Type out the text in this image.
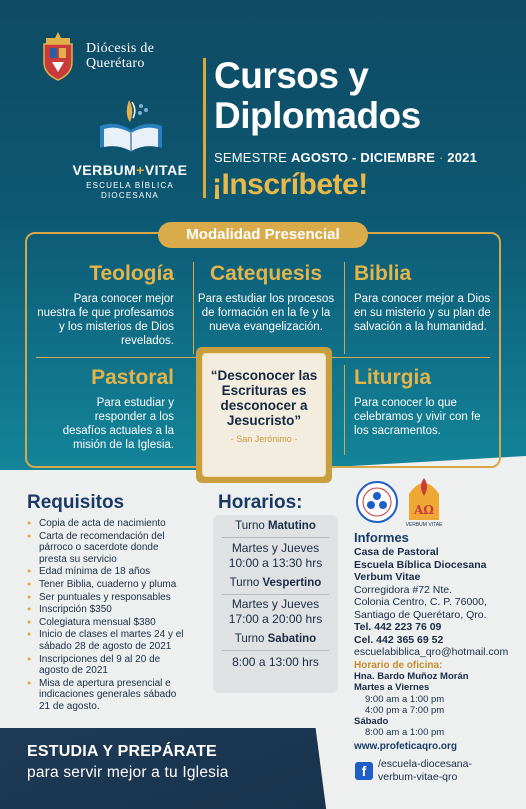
Diócesis de
Querétaro
VERBUM+VITAE
ESCUELA BÍBLICA
DIOCESANA
Cursos y
Diplomados
SEMESTRE AGOSTO - DICIEMBRE · 2021
¡Inscríbete!
Modalidad Presencial
Teología

Para conocer mejor nuestra fe que profesamos y los misterios de Dios revelados.

Catequesis

Para estudiar los procesos de formación en la fe y la nueva evangelización.

Biblia

Para conocer mejor a Dios en su misterio y su plan de salvación a la humanidad.

Pastoral

Para estudiar y responder a los desafíos actuales a la misión de la Iglesia.

Liturgia

Para conocer lo que celebramos y vivir con fe los sacramentos.

“Desconocer las Escrituras es desconocer a Jesucristo”
- San Jerónimo -
Requisitos
● Copia de acta de nacimiento
● Carta de recomendación del párroco o sacerdote donde presta su servicio
● Edad mínima de 18 años
● Tener Biblia, cuaderno y pluma
● Ser puntuales y responsables
● Inscripción $350
● Colegiatura mensual $380
● Inicio de clases el martes 24 y el sábado 28 de agosto de 2021
● Inscripciones del 9 al 20 de agosto de 2021
● Misa de apertura presencial e indicaciones generales sábado 21 de agosto.
Horarios:
Turno Matutino
Martes y Jueves
10:00 a 13:30 hrs
Turno Vespertino
Martes y Jueves
17:00 a 20:00 hrs
Turno Sabatino
8:00 a 13:00 hrs
AΩ
VERBUM VITAE
Informes
Casa de Pastoral
Escuela Bíblica Diocesana
Verbum Vitae
Corregidora #72 Nte.
Colonia Centro, C. P. 76000,
Santiago de Querétaro, Qro.
Tel. 442 223 76 09
Cel. 442 365 69 52
escuelabiblica_qro@hotmail.com
Horario de oficina:
Hna. Bardo Muñoz Morán
Martes a Viernes
9:00 am a 1:00 pm
4:00 pm a 7:00 pm
Sábado
8:00 am a 1:00 pm
www.profeticaqro.org
f	/escuela-diocesana-
verbum-vitae-qro
ESTUDIA Y PREPÁRATE
para servir mejor a tu Iglesia
